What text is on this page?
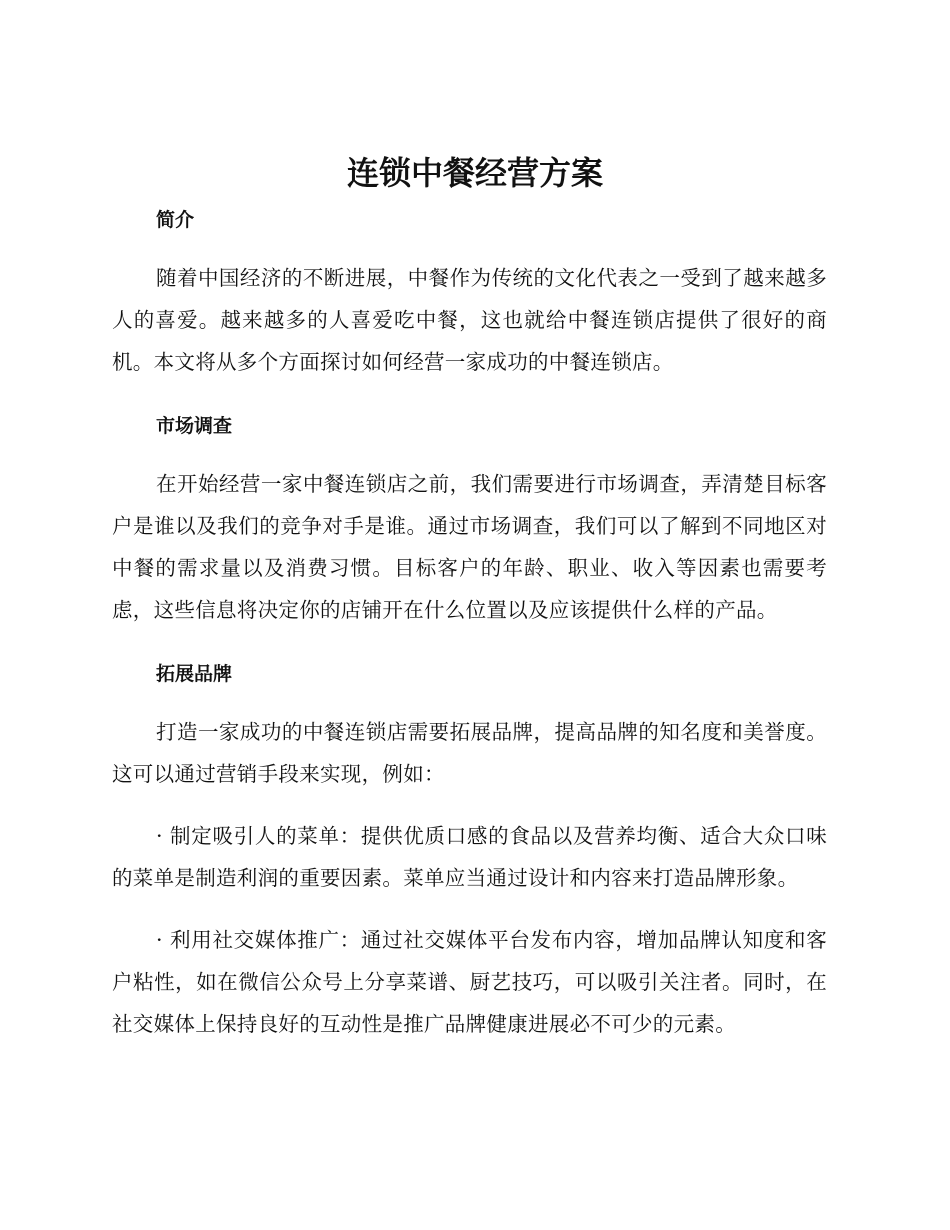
连锁中餐经营方案
简介

随着中国经济的不断进展，中餐作为传统的文化代表之一受到了越来越多人的喜爱。越来越多的人喜爱吃中餐，这也就给中餐连锁店提供了很好的商机。本文将从多个方面探讨如何经营一家成功的中餐连锁店。

市场调查

在开始经营一家中餐连锁店之前，我们需要进行市场调查，弄清楚目标客户是谁以及我们的竞争对手是谁。通过市场调查，我们可以了解到不同地区对中餐的需求量以及消费习惯。目标客户的年龄、职业、收入等因素也需要考虑，这些信息将决定你的店铺开在什么位置以及应该提供什么样的产品。

拓展品牌

打造一家成功的中餐连锁店需要拓展品牌，提高品牌的知名度和美誉度。这可以通过营销手段来实现，例如：

· 制定吸引人的菜单：提供优质口感的食品以及营养均衡、适合大众口味的菜单是制造利润的重要因素。菜单应当通过设计和内容来打造品牌形象。

· 利用社交媒体推广：通过社交媒体平台发布内容，增加品牌认知度和客户粘性，如在微信公众号上分享菜谱、厨艺技巧，可以吸引关注者。同时，在社交媒体上保持良好的互动性是推广品牌健康进展必不可少的元素。
